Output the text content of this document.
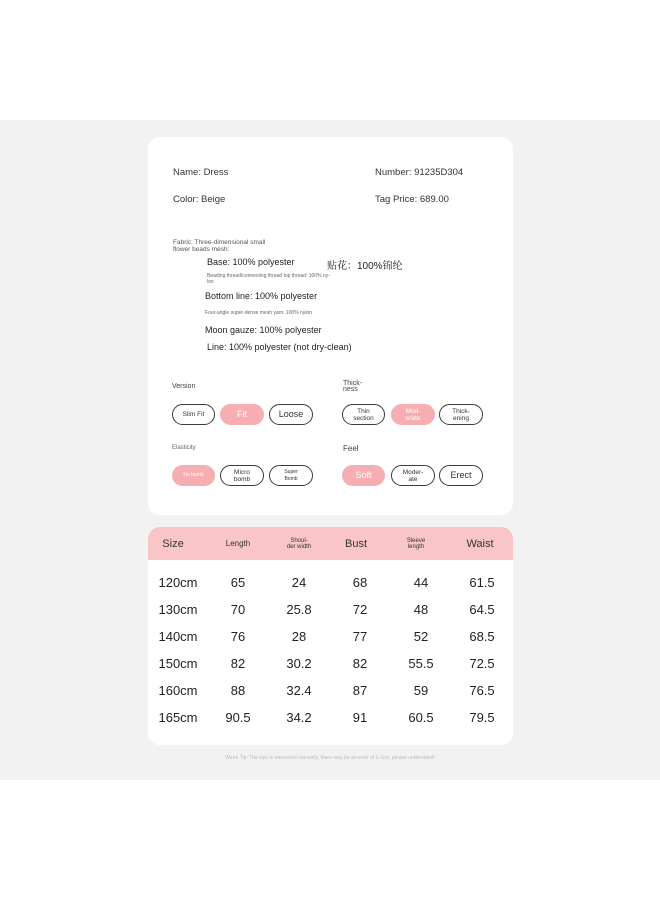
Name: Dress	Number: 91235D304
Color: Beige	Tag Price: 689.00
Fabric: Three-dimensional small
flower beads mesh:
Base: 100% polyester	贴花：100%锦纶
Beading thread/connecting thread top thread: 100% ny-
lon
Bottom line: 100% polyester
Four-angle super-dense mesh yarn: 100% nylon
Moon gauze: 100% polyester
Line: 100% polyester (not dry-clean)
Version
Slim Fit	Fit	Loose
Thick-
ness
Thin
section
Mod-
erate
Thick-
ening
Elasticity
No bomb	Micro
bomb
Super
Bomb
Feel
Soft	Moder-
ate	Erect
Size	Length	Shoul-
der width	Bust	Sleeve
length	Waist
120cm	65	24	68	44	61.5
130cm	70	25.8	72	48	64.5
140cm	76	28	77	52	68.5
150cm	82	30.2	82	55.5	72.5
160cm	88	32.4	87	59	76.5
165cm 90.5	34.2	91	60.5	79.5
Warm Tip: The size is measured manually, there may be an error of 1-2cm, please understand!
